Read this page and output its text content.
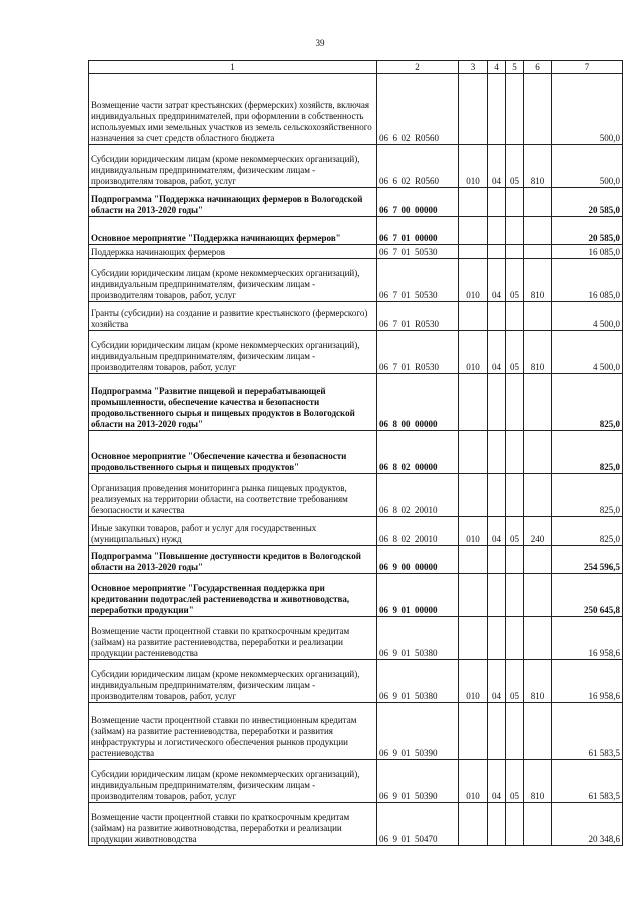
39
1	2	3	4	5	6	7
Возмещение части затрат крестьянских (фермерских) хозяйств, включая индивидуальных предпринимателей, при оформлении в собственность используемых ими земельных участков из земель сельскохозяйственного назначения за счет средств областного бюджета	06  6  02  R0560					500,0
Субсидии юридическим лицам (кроме некоммерческих организаций), индивидуальным предпринимателям, физическим лицам - производителям товаров, работ, услуг	06  6  02  R0560	010	04	05	810	500,0
Подпрограмма "Поддержка начинающих фермеров в Вологодской области на 2013-2020 годы"	06  7  00  00000					20 585,0
Основное мероприятие "Поддержка начинающих фермеров"	06  7  01  00000					20 585,0
Поддержка начинающих фермеров	06  7  01  50530					16 085,0
Субсидии юридическим лицам (кроме некоммерческих организаций), индивидуальным предпринимателям, физическим лицам - производителям товаров, работ, услуг	06  7  01  50530	010	04	05	810	16 085,0
Гранты (субсидии) на создание и развитие крестьянского (фермерского) хозяйства	06  7  01  R0530					4 500,0
Субсидии юридическим лицам (кроме некоммерческих организаций), индивидуальным предпринимателям, физическим лицам - производителям товаров, работ, услуг	06  7  01  R0530	010	04	05	810	4 500,0
Подпрограмма "Развитие пищевой и перерабатывающей промышленности, обеспечение качества и безопасности продовольственного сырья и пищевых продуктов в Вологодской области на 2013-2020 годы"	06  8  00  00000					825,0
Основное мероприятие "Обеспечение качества и безопасности продовольственного сырья и пищевых продуктов"	06  8  02  00000					825,0
Организация проведения мониторинга рынка пищевых продуктов, реализуемых на территории области, на соответствие требованиям безопасности и качества	06  8  02  20010					825,0
Иные закупки товаров, работ и услуг для государственных (муниципальных) нужд	06  8  02  20010	010	04	05	240	825,0
Подпрограмма "Повышение доступности кредитов в Вологодской области на 2013-2020 годы"	06  9  00  00000					254 596,5
Основное мероприятие "Государственная поддержка при кредитовании подотраслей растениеводства и животноводства, переработки продукции"	06  9  01  00000					250 645,8
Возмещение части процентной ставки по краткосрочным кредитам (займам) на развитие растениеводства, переработки и реализации продукции растениеводства	06  9  01  50380					16 958,6
Субсидии юридическим лицам (кроме некоммерческих организаций), индивидуальным предпринимателям, физическим лицам - производителям товаров, работ, услуг	06  9  01  50380	010	04	05	810	16 958,6
Возмещение части процентной ставки по инвестиционным кредитам (займам) на развитие растениеводства, переработки и развития инфраструктуры и логистического обеспечения рынков продукции растениеводства	06  9  01  50390					61 583,5
Субсидии юридическим лицам (кроме некоммерческих организаций), индивидуальным предпринимателям, физическим лицам - производителям товаров, работ, услуг	06  9  01  50390	010	04	05	810	61 583,5
Возмещение части процентной ставки по краткосрочным кредитам (займам) на развитие животноводства, переработки и реализации продукции животноводства	06  9  01  50470					20 348,6
